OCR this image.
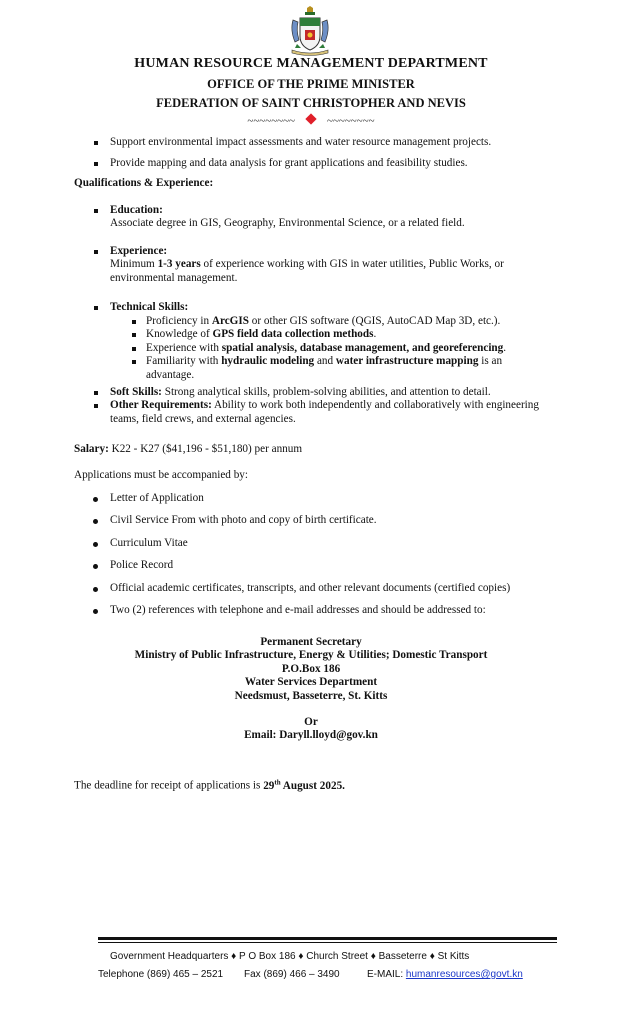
HUMAN RESOURCE MANAGEMENT DEPARTMENT
OFFICE OF THE PRIME MINISTER
FEDERATION OF SAINT CHRISTOPHER AND NEVIS
~~~~~~~~	~~~~~~~~
Support environmental impact assessments and water resource management projects.
Provide mapping and data analysis for grant applications and feasibility studies.
Qualifications & Experience:
Education:
Associate degree in GIS, Geography, Environmental Science, or a related field.
Experience:
Minimum 1-3 years of experience working with GIS in water utilities, Public Works, or environmental management.
Technical Skills:
Proficiency in ArcGIS or other GIS software (QGIS, AutoCAD Map 3D, etc.).
Knowledge of GPS field data collection methods.
Experience with spatial analysis, database management, and georeferencing.
Familiarity with hydraulic modeling and water infrastructure mapping is an advantage.
Soft Skills: Strong analytical skills, problem-solving abilities, and attention to detail.
Other Requirements: Ability to work both independently and collaboratively with engineering teams, field crews, and external agencies.
Salary: K22 - K27 ($41,196 - $51,180) per annum
Applications must be accompanied by:
Letter of Application
Civil Service From with photo and copy of birth certificate.
Curriculum Vitae
Police Record
Official academic certificates, transcripts, and other relevant documents (certified copies)
Two (2) references with telephone and e-mail addresses and should be addressed to:
Permanent Secretary
Ministry of Public Infrastructure, Energy & Utilities; Domestic Transport
P.O.Box 186
Water Services Department
Needsmust, Basseterre, St. Kitts
Or
Email: Daryll.lloyd@gov.kn
The deadline for receipt of applications is 29th August 2025.
Government Headquarters ♦ P O Box 186 ♦ Church Street ♦ Basseterre ♦ St Kitts
Telephone (869) 465 – 2521 Fax (869) 466 – 3490	E-MAIL: humanresources@govt.kn
